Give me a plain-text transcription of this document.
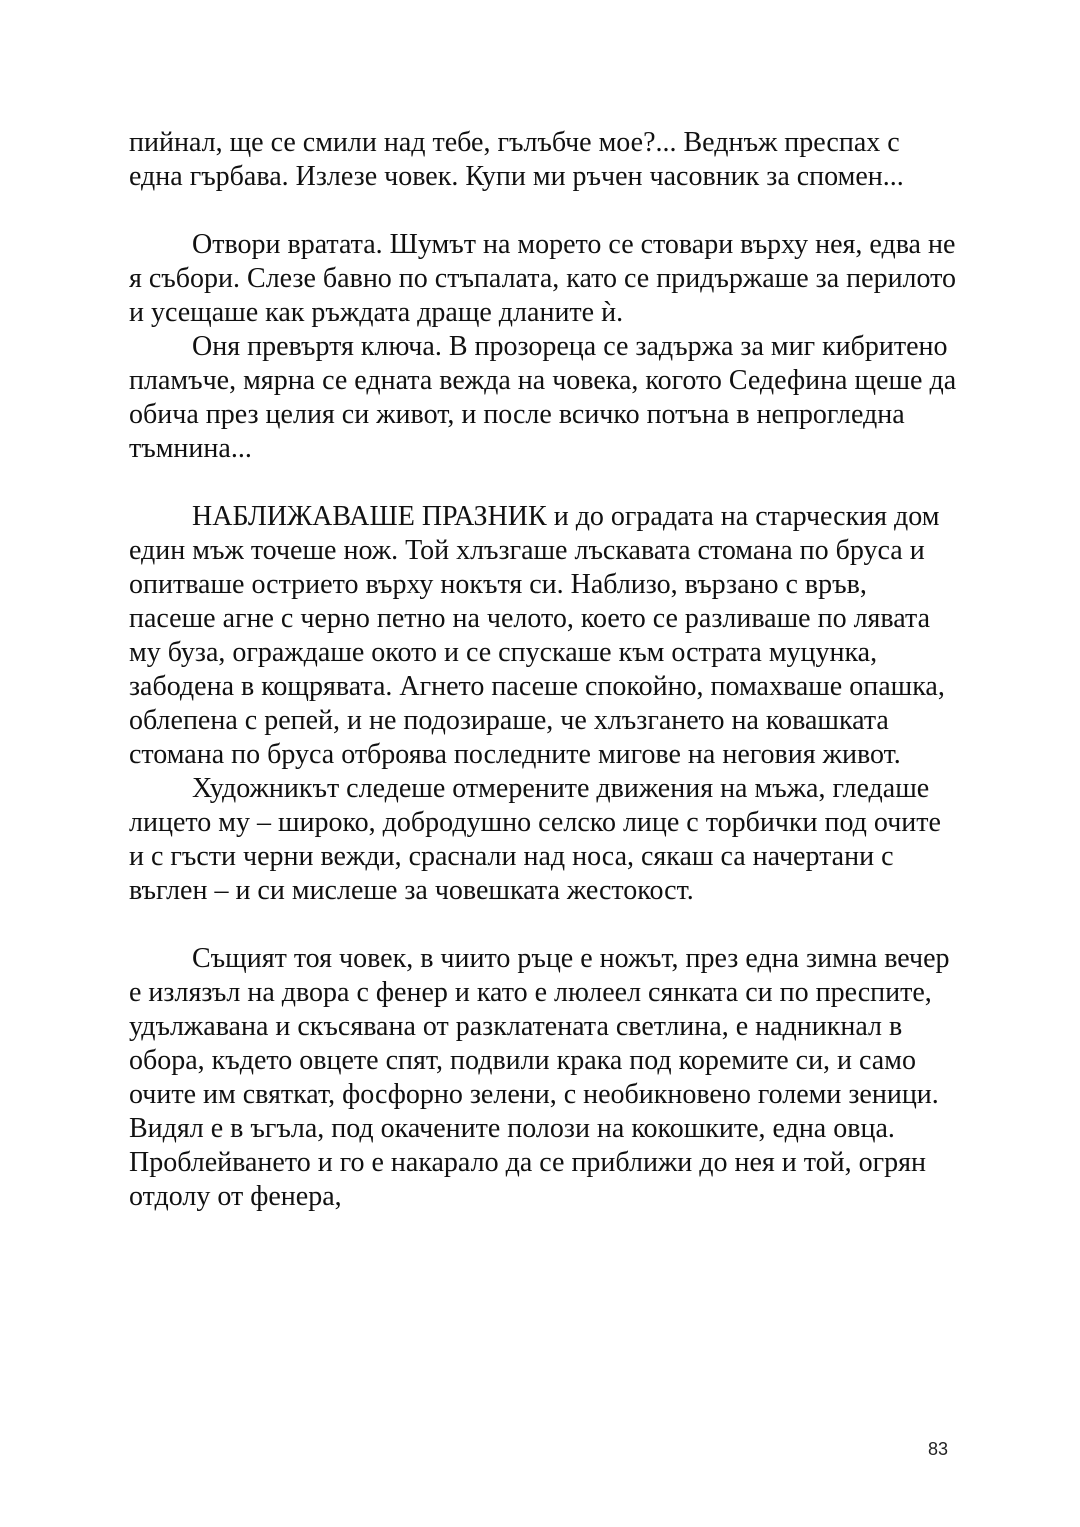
пийнал, ще се смили над тебе, гълъбче мое?... Веднъж преспах с една гърбава. Излезе човек. Купи ми ръчен часовник за спомен...

Отвори вратата. Шумът на морето се стовари върху нея, едва не я събори. Слезе бавно по стъпалата, като се придържаше за перилото и усещаше как ръждата драще дланите ѝ.

Оня превъртя ключа. В прозореца се задържа за миг кибритено пламъче, мярна се едната вежда на човека, когото Седефина щеше да обича през целия си живот, и после всичко потъна в непрогледна тъмнина...

НАБЛИЖАВАШЕ ПРАЗНИК и до оградата на старческия дом един мъж точеше нож. Той хлъзгаше лъскавата стомана по бруса и опитваше острието върху нокътя си. Наблизо, вързано с връв, пасеше агне с черно петно на челото, което се разливаше по лявата му буза, ограждаше окото и се спускаше към острата муцунка, забодена в кощрявата. Агнето пасеше спокойно, помахваше опашка, облепена с репей, и не подозираше, че хлъзгането на ковашката стомана по бруса отброява последните мигове на неговия живот.

Художникът следеше отмерените движения на мъжа, гледаше лицето му – широко, добродушно селско лице с торбички под очите и с гъсти черни вежди, сраснали над носа, сякаш са начертани с въглен – и си мислеше за човешката жестокост.

Същият тоя човек, в чиито ръце е ножът, през една зимна вечер е излязъл на двора с фенер и като е люлеел сянката си по преспите, удължавана и скъсявана от разклатената светлина, е надникнал в обора, където овцете спят, подвили крака под коремите си, и само очите им святкат, фосфорно зелени, с необикновено големи зеници. Видял е в ъгъла, под окачените полози на кокошките, една овца. Проблейването и го е накарало да се приближи до нея и той, огрян отдолу от фенера,

83
